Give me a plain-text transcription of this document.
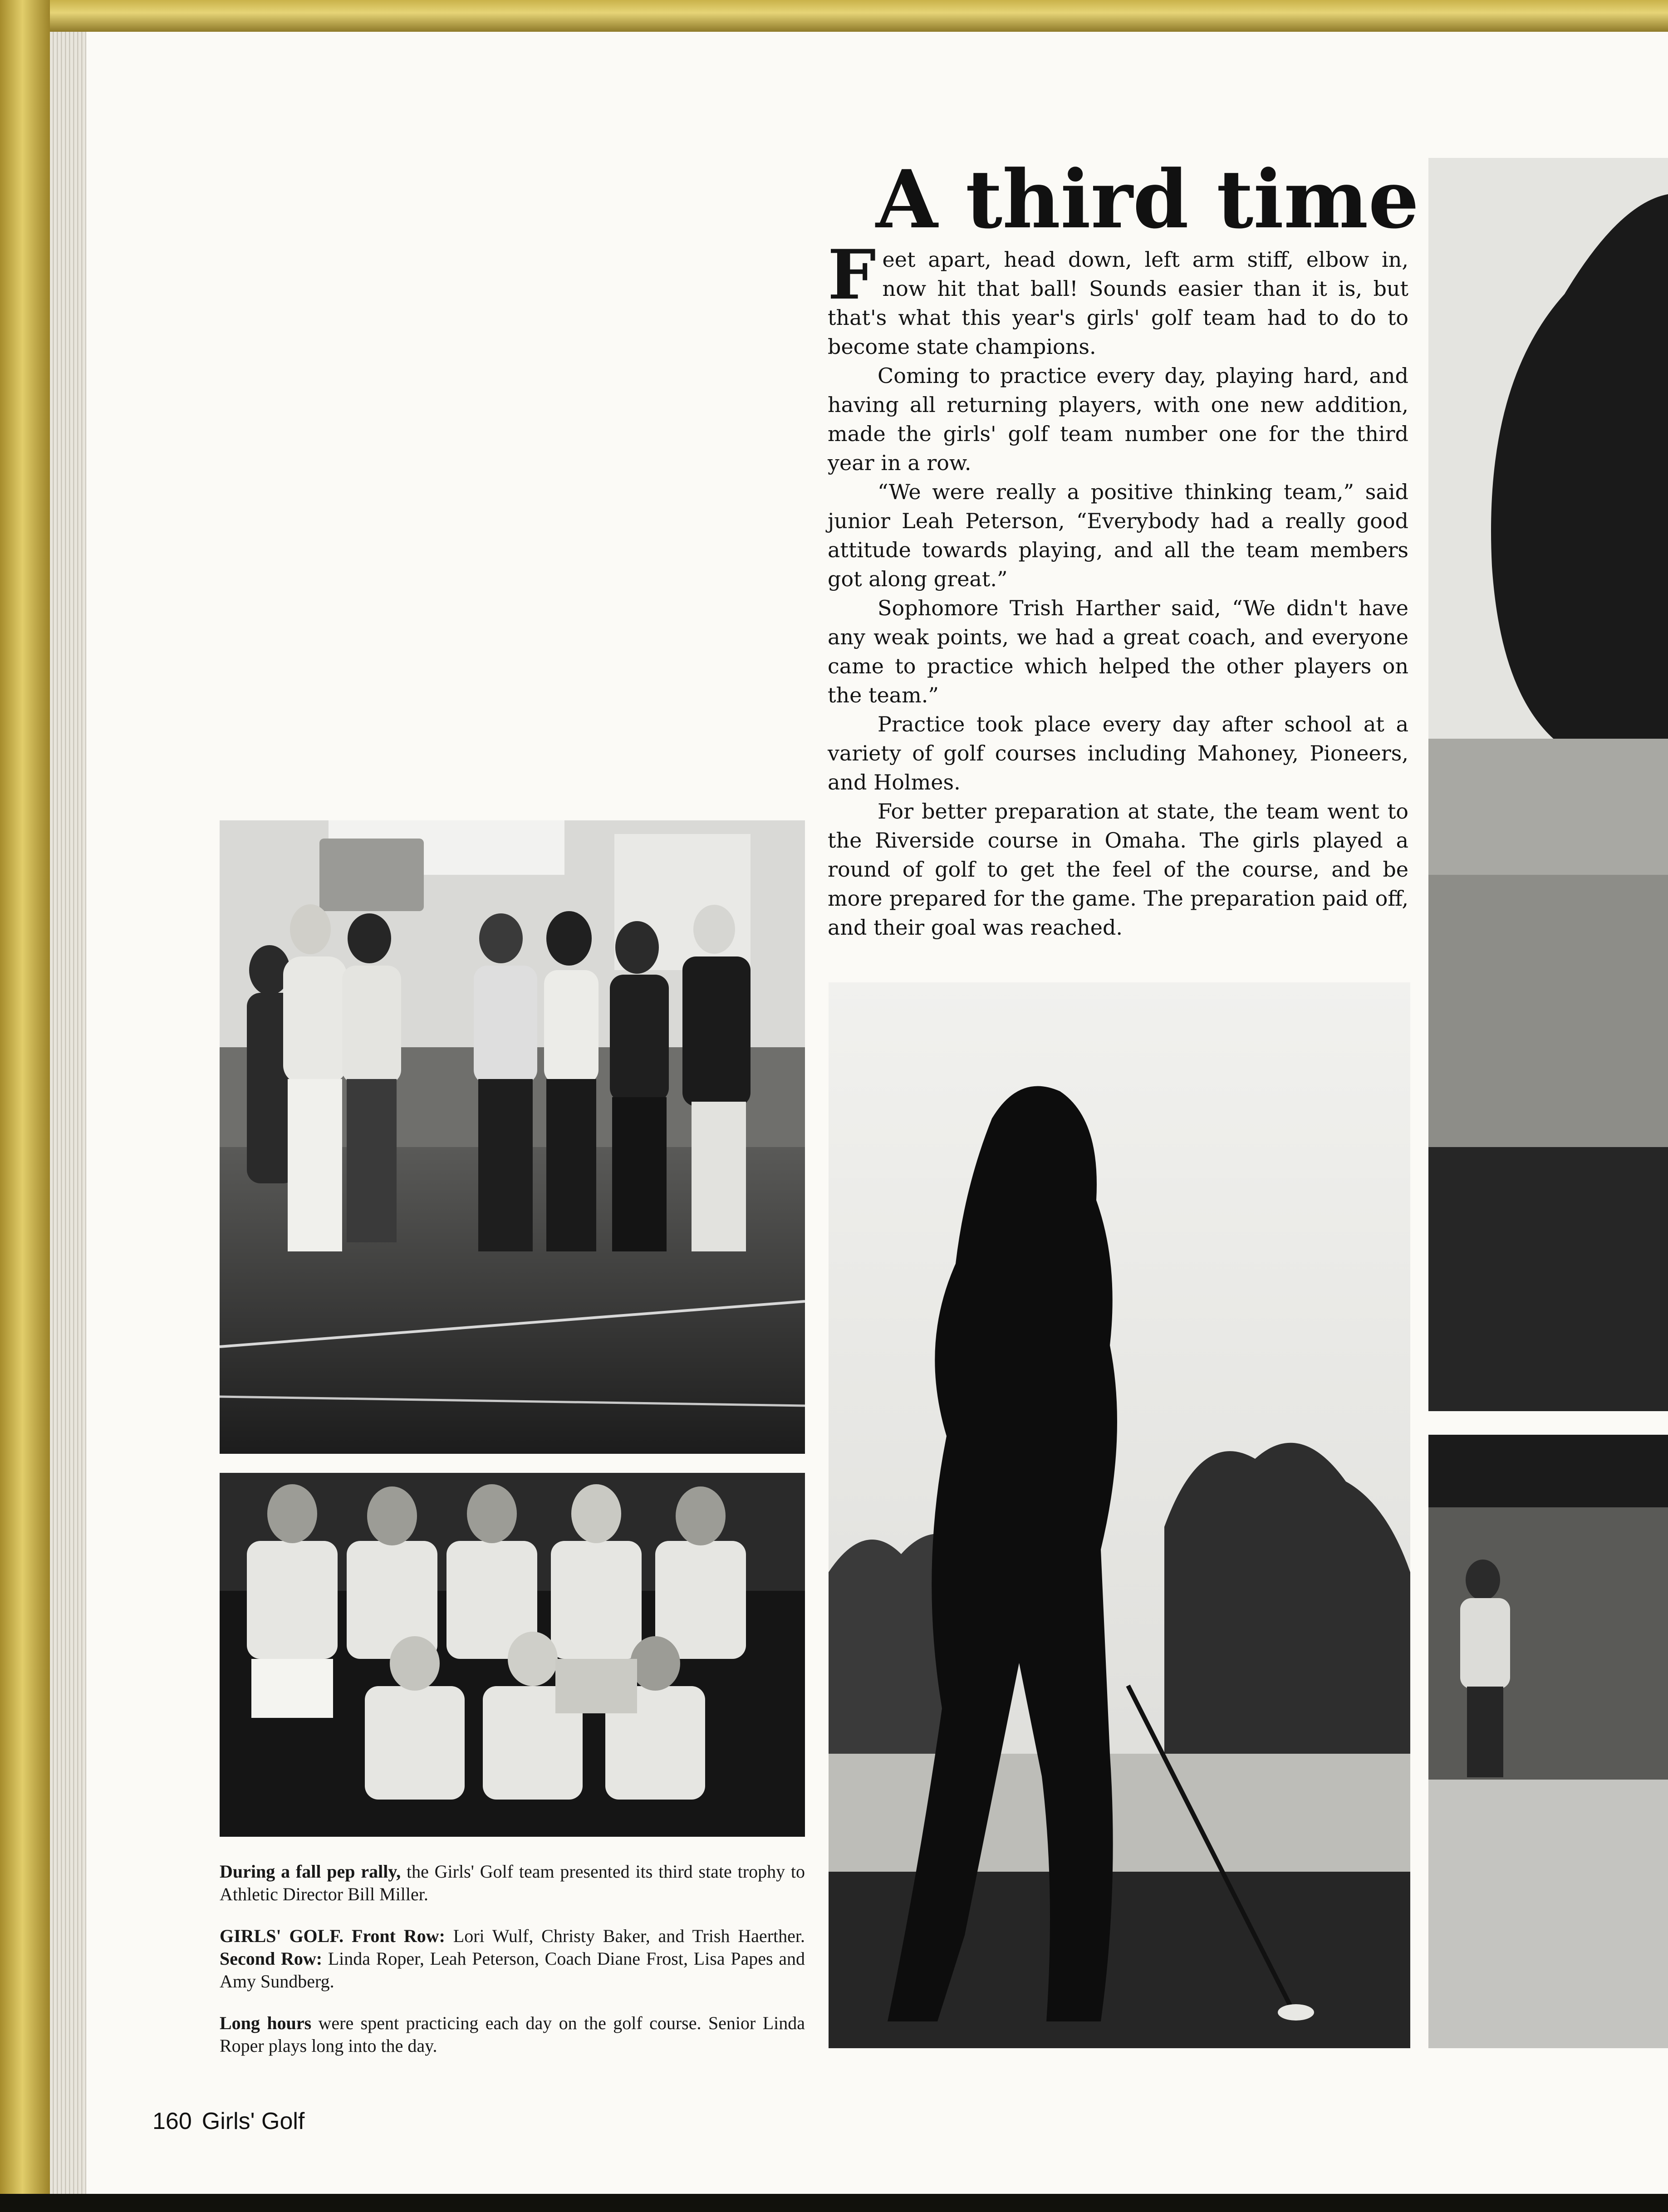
A third time

Feet apart, head down, left arm stiff, elbow in, now hit that ball! Sounds easier than it is, but that's what this year's girls' golf team had to do to become state champions.

Coming to practice every day, playing hard, and having all returning players, with one new addition, made the girls' golf team number one for the third year in a row.

“We were really a positive thinking team,” said junior Leah Peterson, “Everybody had a really good attitude towards playing, and all the team members got along great.”

Sophomore Trish Harther said, “We didn't have any weak points, we had a great coach, and everyone came to practice which helped the other players on the team.”

Practice took place every day after school at a variety of golf courses including Mahoney, Pioneers, and Holmes.

For better preparation at state, the team went to the Riverside course in Omaha. The girls played a round of golf to get the feel of the course, and be more prepared for the game. The preparation paid off, and their goal was reached.

During a fall pep rally, the Girls' Golf team presented its third state trophy to Athletic Director Bill Miller.

GIRLS' GOLF. Front Row: Lori Wulf, Christy Baker, and Trish Haerther. Second Row: Linda Roper, Leah Peterson, Coach Diane Frost, Lisa Papes and Amy Sundberg.

Long hours were spent practicing each day on the golf course. Senior Linda Roper plays long into the day.

160 Girls' Golf
